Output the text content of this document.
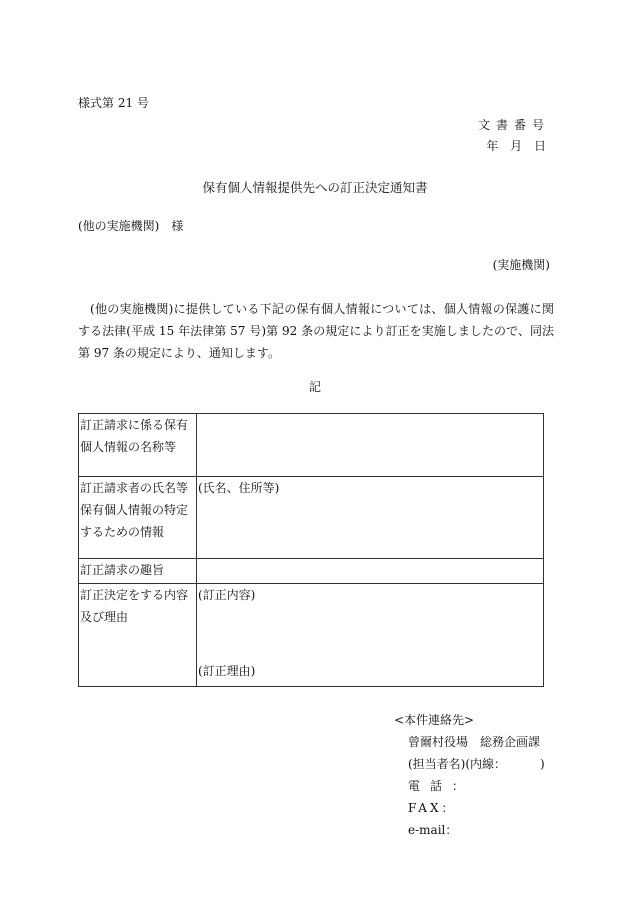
様式第 21 号
文書番号
年 月 日
保有個人情報提供先への訂正決定通知書
(他の実施機関) 様
(実施機関)
(他の実施機関)に提供している下記の保有個人情報については、個人情報の保護に関する法律(平成 15 年法律第 57 号)第 92 条の規定により訂正を実施しましたので、同法第 97 条の規定により、通知します。
記
訂正請求に係る保有個人情報の名称等	
訂正請求者の氏名等保有個人情報の特定するための情報	(氏名、住所等)
訂正請求の趣旨	
訂正決定をする内容及び理由	(訂正内容)
(訂正理由)
<本件連絡先>
曾爾村役場　総務企画課
(担当者名)(内線：	)
電話：
FAX：
e-mail：
